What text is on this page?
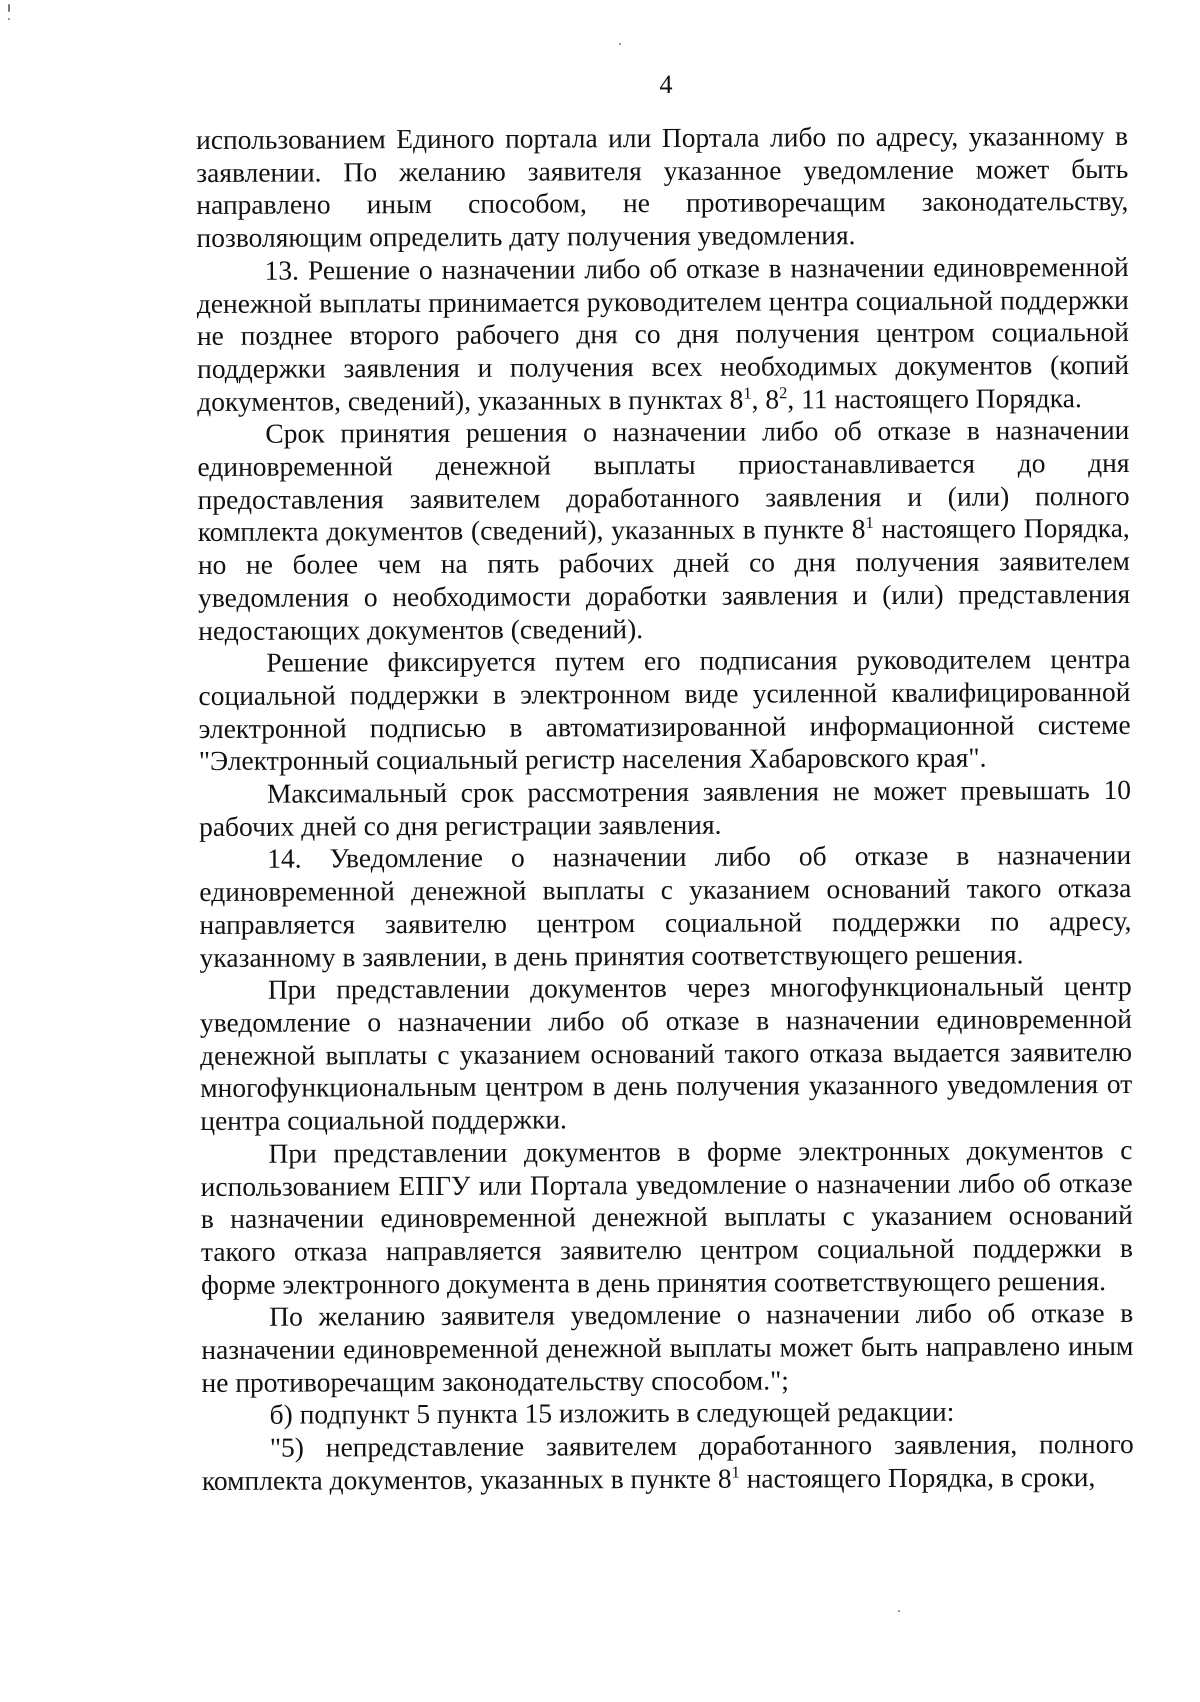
4

использованием Единого портала или Портала либо по адресу, указанному в заявлении. По желанию заявителя указанное уведомление может быть направлено иным способом, не противоречащим законодательству, позволяющим определить дату получения уведомления.

13. Решение о назначении либо об отказе в назначении единовременной денежной выплаты принимается руководителем центра социальной поддержки не позднее второго рабочего дня со дня получения центром социальной поддержки заявления и получения всех необходимых документов (копий документов, сведений), указанных в пунктах $8^1$, $8^2$, 11 настоящего Порядка.

Срок принятия решения о назначении либо об отказе в назначении единовременной денежной выплаты приостанавливается до дня предоставления заявителем доработанного заявления и (или) полного комплекта документов (сведений), указанных в пункте $8^1$ настоящего Порядка, но не более чем на пять рабочих дней со дня получения заявителем уведомления о необходимости доработки заявления и (или) представления недостающих документов (сведений).

Решение фиксируется путем его подписания руководителем центра социальной поддержки в электронном виде усиленной квалифицированной электронной подписью в автоматизированной информационной системе "Электронный социальный регистр населения Хабаровского края".

Максимальный срок рассмотрения заявления не может превышать 10 рабочих дней со дня регистрации заявления.

14. Уведомление о назначении либо об отказе в назначении единовременной денежной выплаты с указанием оснований такого отказа направляется заявителю центром социальной поддержки по адресу, указанному в заявлении, в день принятия соответствующего решения.

При представлении документов через многофункциональный центр уведомление о назначении либо об отказе в назначении единовременной денежной выплаты с указанием оснований такого отказа выдается заявителю многофункциональным центром в день получения указанного уведомления от центра социальной поддержки.

При представлении документов в форме электронных документов с использованием ЕПГУ или Портала уведомление о назначении либо об отказе в назначении единовременной денежной выплаты с указанием оснований такого отказа направляется заявителю центром социальной поддержки в форме электронного документа в день принятия соответствующего решения.

По желанию заявителя уведомление о назначении либо об отказе в назначении единовременной денежной выплаты может быть направлено иным не противоречащим законодательству способом.";

б) подпункт 5 пункта 15 изложить в следующей редакции:

"5) непредставление заявителем доработанного заявления, полного комплекта документов, указанных в пункте $8^1$ настоящего Порядка, в сроки,
